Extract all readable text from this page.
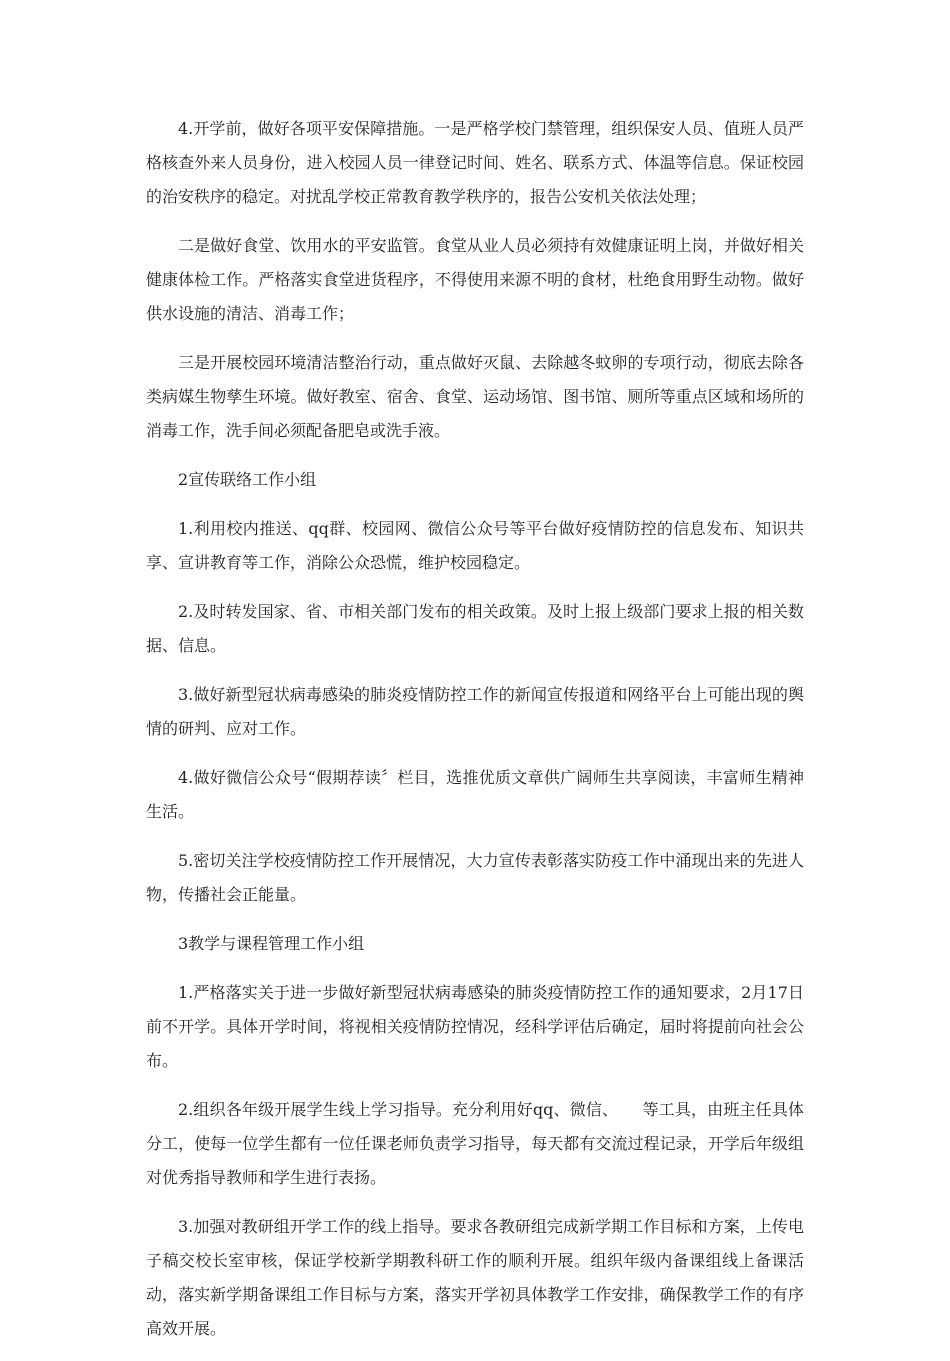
4.开学前，做好各项平安保障措施。一是严格学校门禁管理，组织保安人员、值班人员严格核查外来人员身份，进入校园人员一律登记时间、姓名、联系方式、体温等信息。保证校园的治安秩序的稳定。对扰乱学校正常教育教学秩序的，报告公安机关依法处理；

二是做好食堂、饮用水的平安监管。食堂从业人员必须持有效健康证明上岗，并做好相关健康体检工作。严格落实食堂进货程序，不得使用来源不明的食材，杜绝食用野生动物。做好供水设施的清洁、消毒工作；

三是开展校园环境清洁整治行动，重点做好灭鼠、去除越冬蚊卵的专项行动，彻底去除各类病媒生物孳生环境。做好教室、宿舍、食堂、运动场馆、图书馆、厕所等重点区域和场所的消毒工作，洗手间必须配备肥皂或洗手液。

2宣传联络工作小组

1.利用校内推送、qq群、校园网、微信公众号等平台做好疫情防控的信息发布、知识共享、宣讲教育等工作，消除公众恐慌，维护校园稳定。

2.及时转发国家、省、市相关部门发布的相关政策。及时上报上级部门要求上报的相关数据、信息。

3.做好新型冠状病毒感染的肺炎疫情防控工作的新闻宣传报道和网络平台上可能出现的舆情的研判、应对工作。

4.做好微信公众号“假期荐读〞栏目，选推优质文章供广阔师生共享阅读，丰富师生精神生活。

5.密切关注学校疫情防控工作开展情况，大力宣传表彰落实防疫工作中涌现出来的先进人物，传播社会正能量。

3教学与课程管理工作小组

1.严格落实关于进一步做好新型冠状病毒感染的肺炎疫情防控工作的通知要求，2月17日前不开学。具体开学时间，将视相关疫情防控情况，经科学评估后确定，届时将提前向社会公布。

2.组织各年级开展学生线上学习指导。充分利用好qq、微信、　　等工具，由班主任具体分工，使每一位学生都有一位任课老师负责学习指导，每天都有交流过程记录，开学后年级组对优秀指导教师和学生进行表扬。

3.加强对教研组开学工作的线上指导。要求各教研组完成新学期工作目标和方案，上传电子稿交校长室审核，保证学校新学期教科研工作的顺利开展。组织年级内备课组线上备课活动，落实新学期备课组工作目标与方案，落实开学初具体教学工作安排，确保教学工作的有序高效开展。
